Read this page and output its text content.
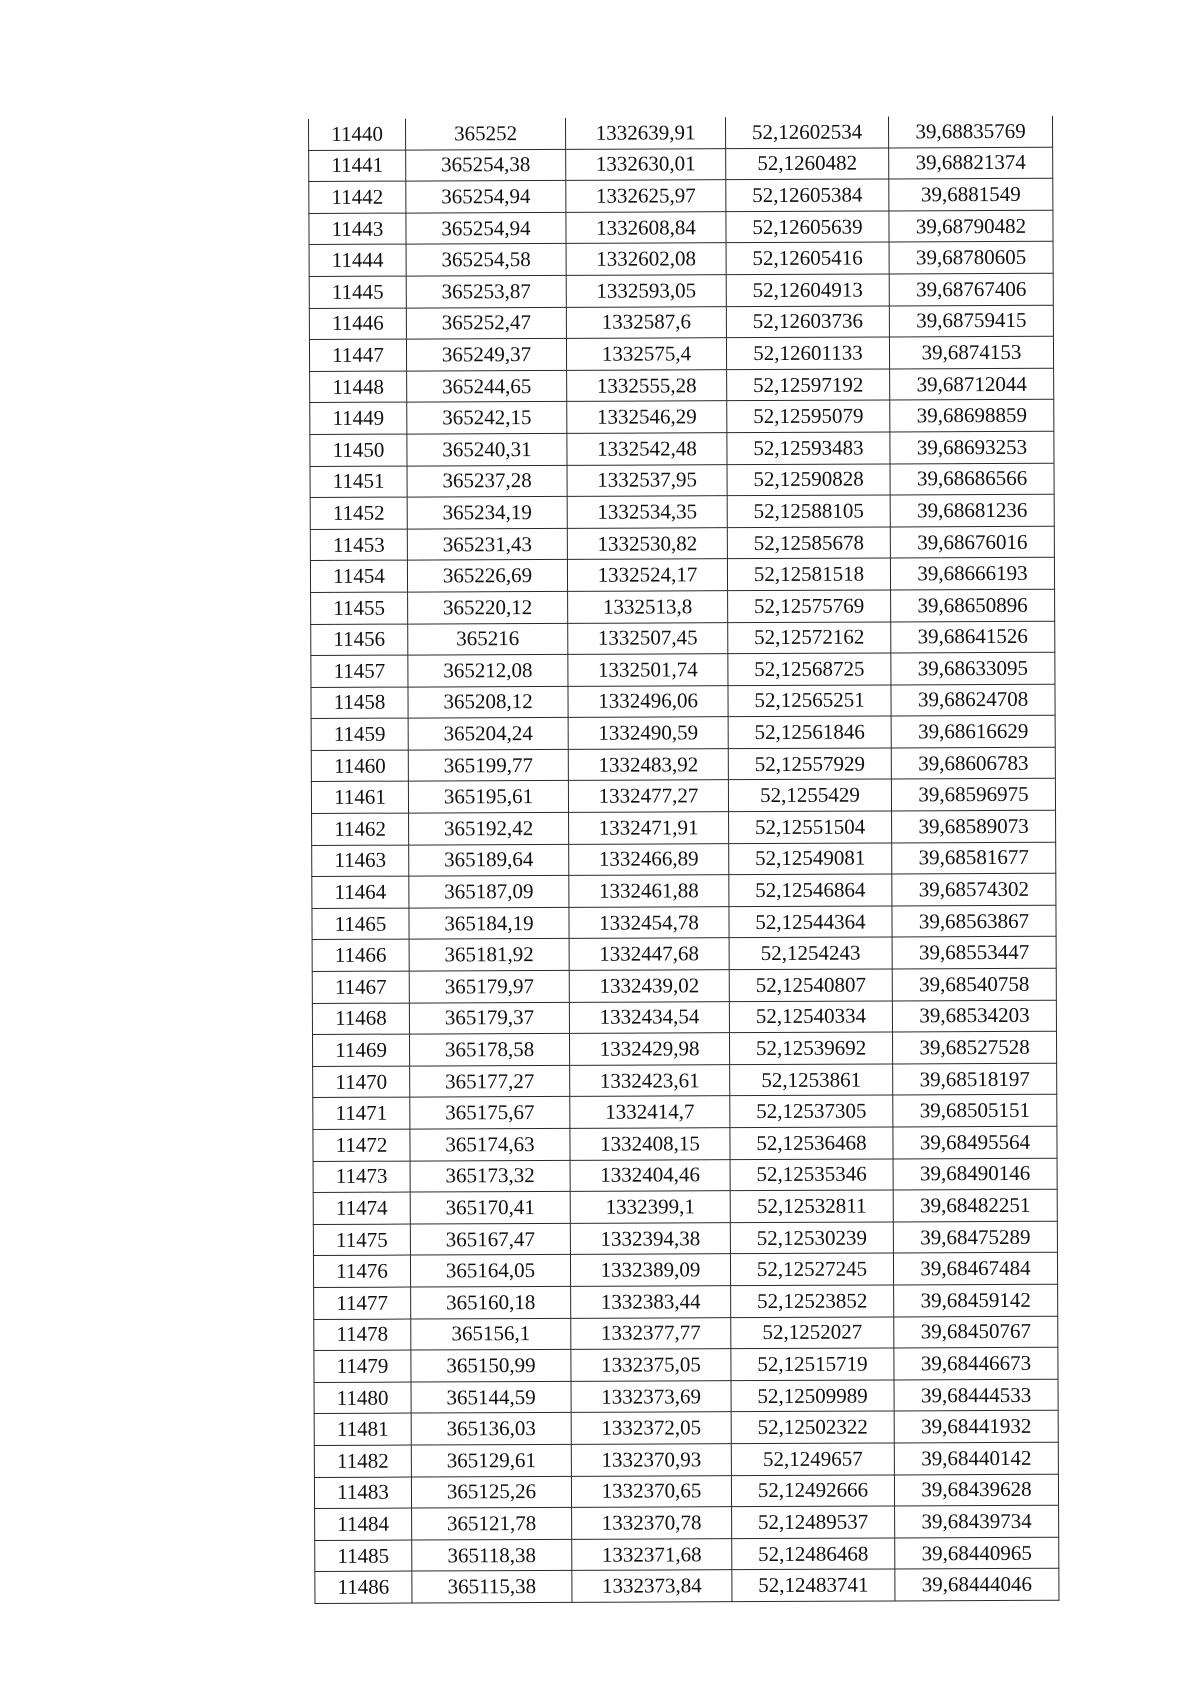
11440	365252	1332639,91	52,12602534	39,68835769
11441	365254,38	1332630,01	52,1260482	39,68821374
11442	365254,94	1332625,97	52,12605384	39,6881549
11443	365254,94	1332608,84	52,12605639	39,68790482
11444	365254,58	1332602,08	52,12605416	39,68780605
11445	365253,87	1332593,05	52,12604913	39,68767406
11446	365252,47	1332587,6	52,12603736	39,68759415
11447	365249,37	1332575,4	52,12601133	39,6874153
11448	365244,65	1332555,28	52,12597192	39,68712044
11449	365242,15	1332546,29	52,12595079	39,68698859
11450	365240,31	1332542,48	52,12593483	39,68693253
11451	365237,28	1332537,95	52,12590828	39,68686566
11452	365234,19	1332534,35	52,12588105	39,68681236
11453	365231,43	1332530,82	52,12585678	39,68676016
11454	365226,69	1332524,17	52,12581518	39,68666193
11455	365220,12	1332513,8	52,12575769	39,68650896
11456	365216	1332507,45	52,12572162	39,68641526
11457	365212,08	1332501,74	52,12568725	39,68633095
11458	365208,12	1332496,06	52,12565251	39,68624708
11459	365204,24	1332490,59	52,12561846	39,68616629
11460	365199,77	1332483,92	52,12557929	39,68606783
11461	365195,61	1332477,27	52,1255429	39,68596975
11462	365192,42	1332471,91	52,12551504	39,68589073
11463	365189,64	1332466,89	52,12549081	39,68581677
11464	365187,09	1332461,88	52,12546864	39,68574302
11465	365184,19	1332454,78	52,12544364	39,68563867
11466	365181,92	1332447,68	52,1254243	39,68553447
11467	365179,97	1332439,02	52,12540807	39,68540758
11468	365179,37	1332434,54	52,12540334	39,68534203
11469	365178,58	1332429,98	52,12539692	39,68527528
11470	365177,27	1332423,61	52,1253861	39,68518197
11471	365175,67	1332414,7	52,12537305	39,68505151
11472	365174,63	1332408,15	52,12536468	39,68495564
11473	365173,32	1332404,46	52,12535346	39,68490146
11474	365170,41	1332399,1	52,12532811	39,68482251
11475	365167,47	1332394,38	52,12530239	39,68475289
11476	365164,05	1332389,09	52,12527245	39,68467484
11477	365160,18	1332383,44	52,12523852	39,68459142
11478	365156,1	1332377,77	52,1252027	39,68450767
11479	365150,99	1332375,05	52,12515719	39,68446673
11480	365144,59	1332373,69	52,12509989	39,68444533
11481	365136,03	1332372,05	52,12502322	39,68441932
11482	365129,61	1332370,93	52,1249657	39,68440142
11483	365125,26	1332370,65	52,12492666	39,68439628
11484	365121,78	1332370,78	52,12489537	39,68439734
11485	365118,38	1332371,68	52,12486468	39,68440965
11486	365115,38	1332373,84	52,12483741	39,68444046
